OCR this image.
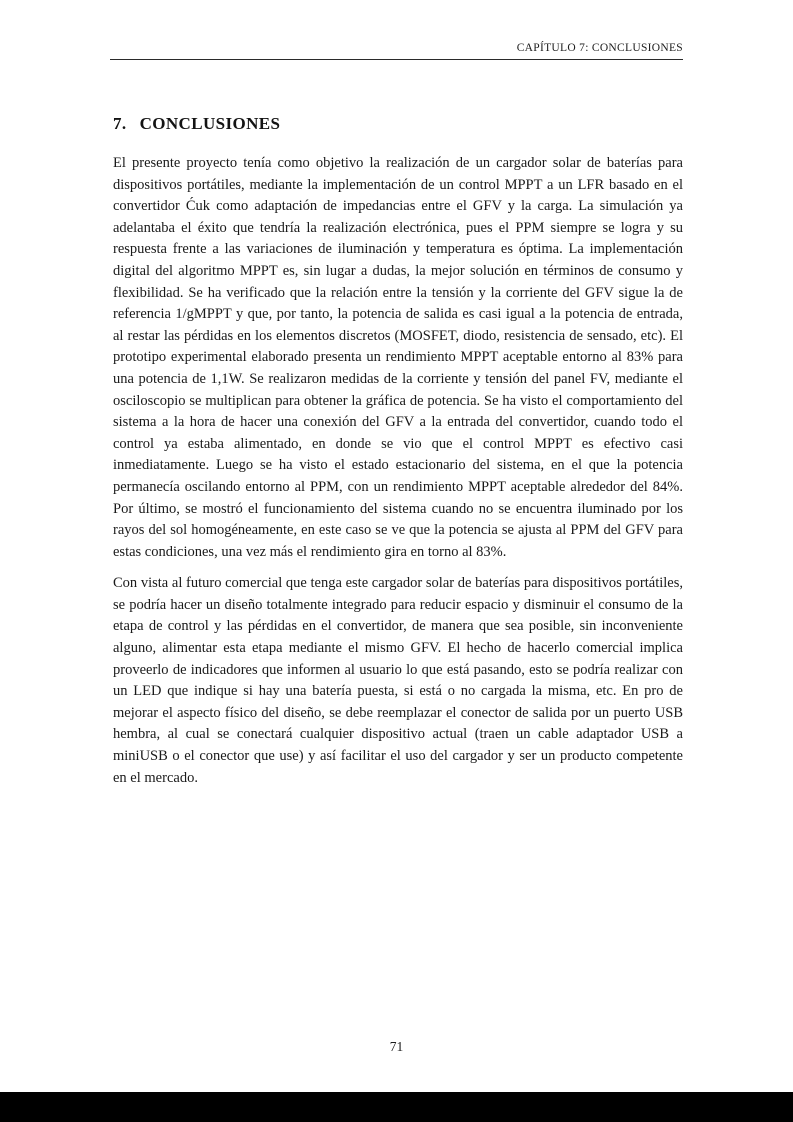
CAPÍTULO 7: CONCLUSIONES
7. CONCLUSIONES

El presente proyecto tenía como objetivo la realización de un cargador solar de baterías para dispositivos portátiles, mediante la implementación de un control MPPT a un LFR basado en el convertidor Ćuk como adaptación de impedancias entre el GFV y la carga. La simulación ya adelantaba el éxito que tendría la realización electrónica, pues el PPM siempre se logra y su respuesta frente a las variaciones de iluminación y temperatura es óptima. La implementación digital del algoritmo MPPT es, sin lugar a dudas, la mejor solución en términos de consumo y flexibilidad. Se ha verificado que la relación entre la tensión y la corriente del GFV sigue la de referencia 1/gMPPT y que, por tanto, la potencia de salida es casi igual a la potencia de entrada, al restar las pérdidas en los elementos discretos (MOSFET, diodo, resistencia de sensado, etc). El prototipo experimental elaborado presenta un rendimiento MPPT aceptable entorno al 83% para una potencia de 1,1W. Se realizaron medidas de la corriente y tensión del panel FV, mediante el osciloscopio se multiplican para obtener la gráfica de potencia. Se ha visto el comportamiento del sistema a la hora de hacer una conexión del GFV a la entrada del convertidor, cuando todo el control ya estaba alimentado, en donde se vio que el control MPPT es efectivo casi inmediatamente. Luego se ha visto el estado estacionario del sistema, en el que la potencia permanecía oscilando entorno al PPM, con un rendimiento MPPT aceptable alrededor del 84%. Por último, se mostró el funcionamiento del sistema cuando no se encuentra iluminado por los rayos del sol homogéneamente, en este caso se ve que la potencia se ajusta al PPM del GFV para estas condiciones, una vez más el rendimiento gira en torno al 83%.

Con vista al futuro comercial que tenga este cargador solar de baterías para dispositivos portátiles, se podría hacer un diseño totalmente integrado para reducir espacio y disminuir el consumo de la etapa de control y las pérdidas en el convertidor, de manera que sea posible, sin inconveniente alguno, alimentar esta etapa mediante el mismo GFV. El hecho de hacerlo comercial implica proveerlo de indicadores que informen al usuario lo que está pasando, esto se podría realizar con un LED que indique si hay una batería puesta, si está o no cargada la misma, etc. En pro de mejorar el aspecto físico del diseño, se debe reemplazar el conector de salida por un puerto USB hembra, al cual se conectará cualquier dispositivo actual (traen un cable adaptador USB a miniUSB o el conector que use) y así facilitar el uso del cargador y ser un producto competente en el mercado.

71
